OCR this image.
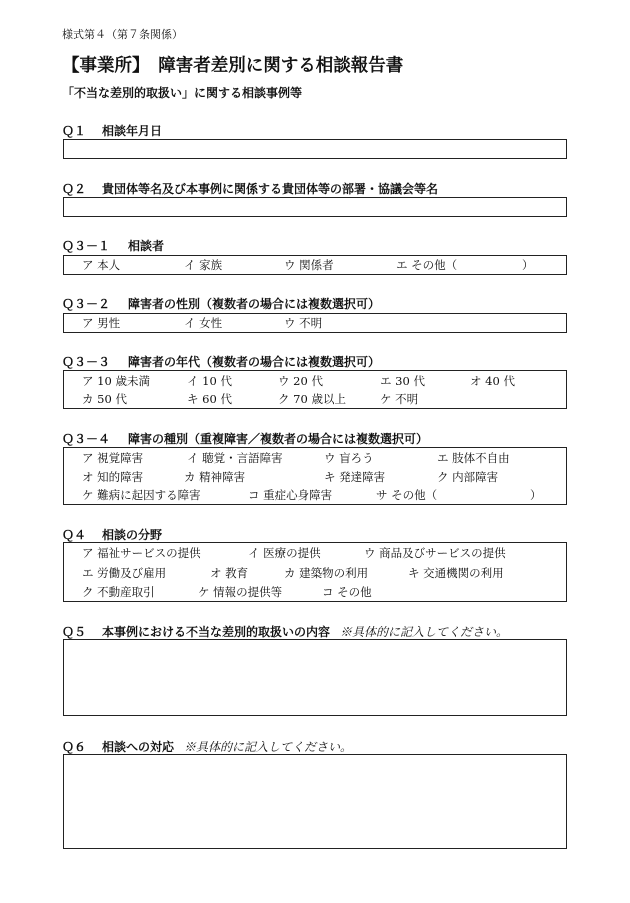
様式第４（第７条関係）
【事業所】　障害者差別に関する相談報告書
「不当な差別的取扱い」に関する相談事例等
Ｑ１ 相談年月日
Ｑ２ 貴団体等名及び本事例に関係する貴団体等の部署・協議会等名
Ｑ３－１ 相談者
ア 本人	イ 家族	ウ 関係者	エ その他（	）
Ｑ３－２ 障害者の性別（複数者の場合には複数選択可）
ア 男性	イ 女性	ウ 不明
Ｑ３－３ 障害者の年代（複数者の場合には複数選択可）
ア 10 歳未満	イ 10 代	ウ 20 代	エ 30 代	オ 40 代
カ 50 代	キ 60 代	ク 70 歳以上	ケ 不明
Ｑ３－４ 障害の種別（重複障害／複数者の場合には複数選択可）
ア 視覚障害	イ 聴覚・言語障害	ウ 盲ろう	エ 肢体不自由
オ 知的障害	カ 精神障害	キ 発達障害	ク 内部障害
ケ 難病に起因する障害	コ 重症心身障害	サ その他（	）
Ｑ４ 相談の分野
ア 福祉サービスの提供	イ 医療の提供	ウ 商品及びサービスの提供
エ 労働及び雇用	オ 教育	カ 建築物の利用	キ 交通機関の利用
ク 不動産取引	ケ 情報の提供等	コ その他
Ｑ５ 本事例における不当な差別的取扱いの内容 ※具体的に記入してください。
Ｑ６ 相談への対応 ※具体的に記入してください。
